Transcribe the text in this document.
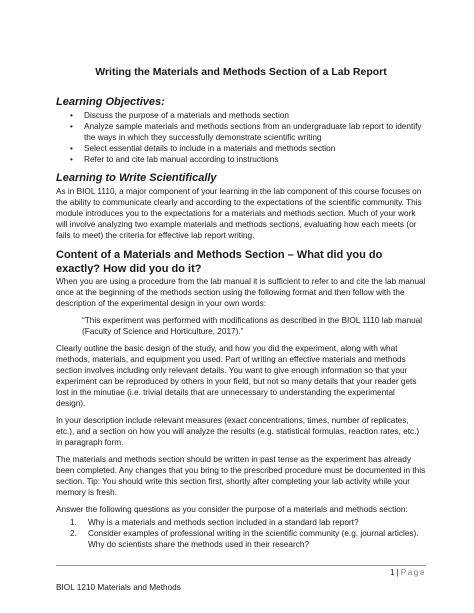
Writing the Materials and Methods Section of a Lab Report
Learning Objectives:
• Discuss the purpose of a materials and methods section
• Analyze sample materials and methods sections from an undergraduate lab report to identify the ways in which they successfully demonstrate scientific writing
• Select essential details to include in a materials and methods section
• Refer to and cite lab manual according to instructions
Learning to Write Scientifically

As in BIOL 1110, a major component of your learning in the lab component of this course focuses on the ability to communicate clearly and according to the expectations of the scientific community. This module introduces you to the expectations for a materials and methods section. Much of your work will involve analyzing two example materials and methods sections, evaluating how each meets (or fails to meet) the criteria for effective lab report writing.

Content of a Materials and Methods Section – What did you do exactly? How did you do it?

When you are using a procedure from the lab manual it is sufficient to refer to and cite the lab manual once at the beginning of the methods section using the following format and then follow with the description of the experimental design in your own words:

“This experiment was performed with modifications as described in the BIOL 1110 lab manual (Faculty of Science and Horticulture, 2017).”

Clearly outline the basic design of the study, and how you did the experiment, along with what methods, materials, and equipment you used. Part of writing an effective materials and methods section involves including only relevant details. You want to give enough information so that your experiment can be reproduced by others in your field, but not so many details that your reader gets lost in the minutiae (i.e. trivial details that are unnecessary to understanding the experimental design).

In your description include relevant measures (exact concentrations, times, number of replicates, etc.), and a section on how you will analyze the results (e.g. statistical formulas, reaction rates, etc.) in paragraph form.

The materials and methods section should be written in past tense as the experiment has already been completed. Any changes that you bring to the prescribed procedure must be documented in this section. Tip: You should write this section first, shortly after completing your lab activity while your memory is fresh.

Answer the following questions as you consider the purpose of a materials and methods section:

1. Why is a materials and methods section included in a standard lab report?
2. Consider examples of professional writing in the scientific community (e.g. journal articles). Why do scientists share the methods used in their research?
1 | Page
BIOL 1210 Materials and Methods
